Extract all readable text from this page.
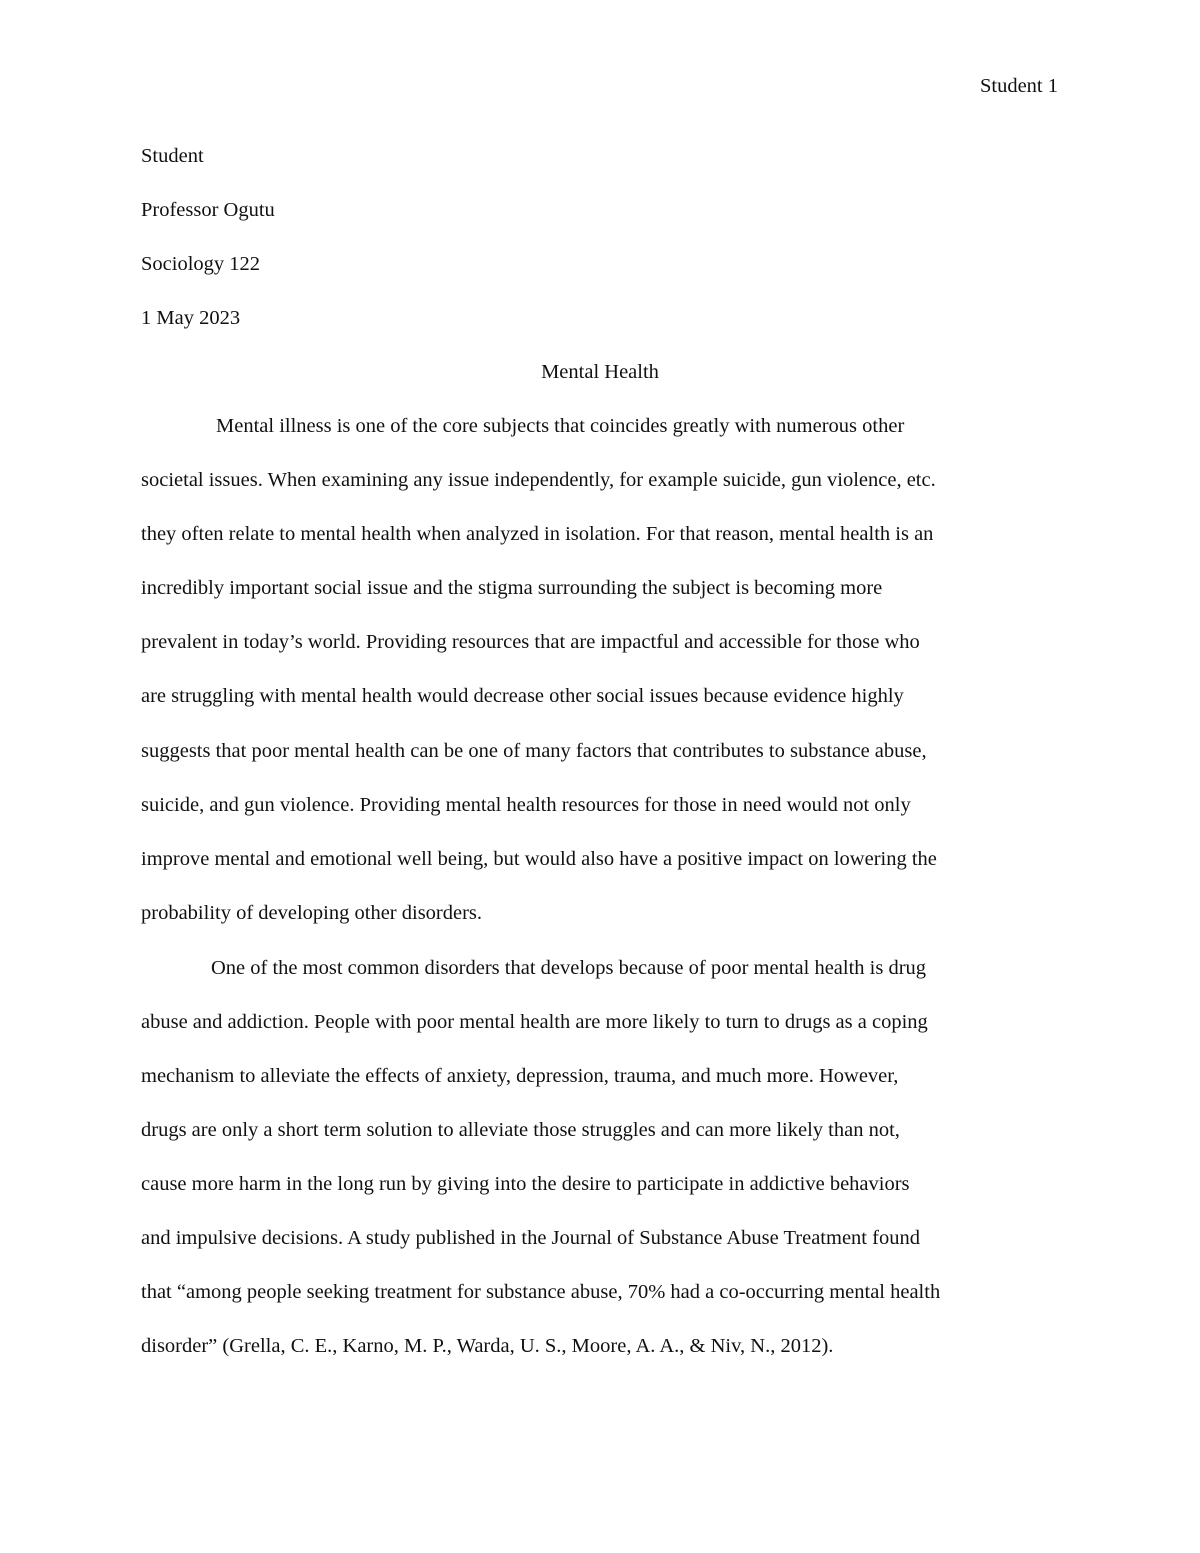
Student 1
Student
Professor Ogutu
Sociology 122
1 May 2023
Mental Health
Mental illness is one of the core subjects that coincides greatly with numerous other
societal issues. When examining any issue independently, for example suicide, gun violence, etc.
they often relate to mental health when analyzed in isolation. For that reason, mental health is an
incredibly important social issue and the stigma surrounding the subject is becoming more
prevalent in today’s world. Providing resources that are impactful and accessible for those who
are struggling with mental health would decrease other social issues because evidence highly
suggests that poor mental health can be one of many factors that contributes to substance abuse,
suicide, and gun violence. Providing mental health resources for those in need would not only
improve mental and emotional well being, but would also have a positive impact on lowering the
probability of developing other disorders.
One of the most common disorders that develops because of poor mental health is drug
abuse and addiction. People with poor mental health are more likely to turn to drugs as a coping
mechanism to alleviate the effects of anxiety, depression, trauma, and much more. However,
drugs are only a short term solution to alleviate those struggles and can more likely than not,
cause more harm in the long run by giving into the desire to participate in addictive behaviors
and impulsive decisions. A study published in the Journal of Substance Abuse Treatment found
that “among people seeking treatment for substance abuse, 70% had a co-occurring mental health
disorder” (Grella, C. E., Karno, M. P., Warda, U. S., Moore, A. A., & Niv, N., 2012).
